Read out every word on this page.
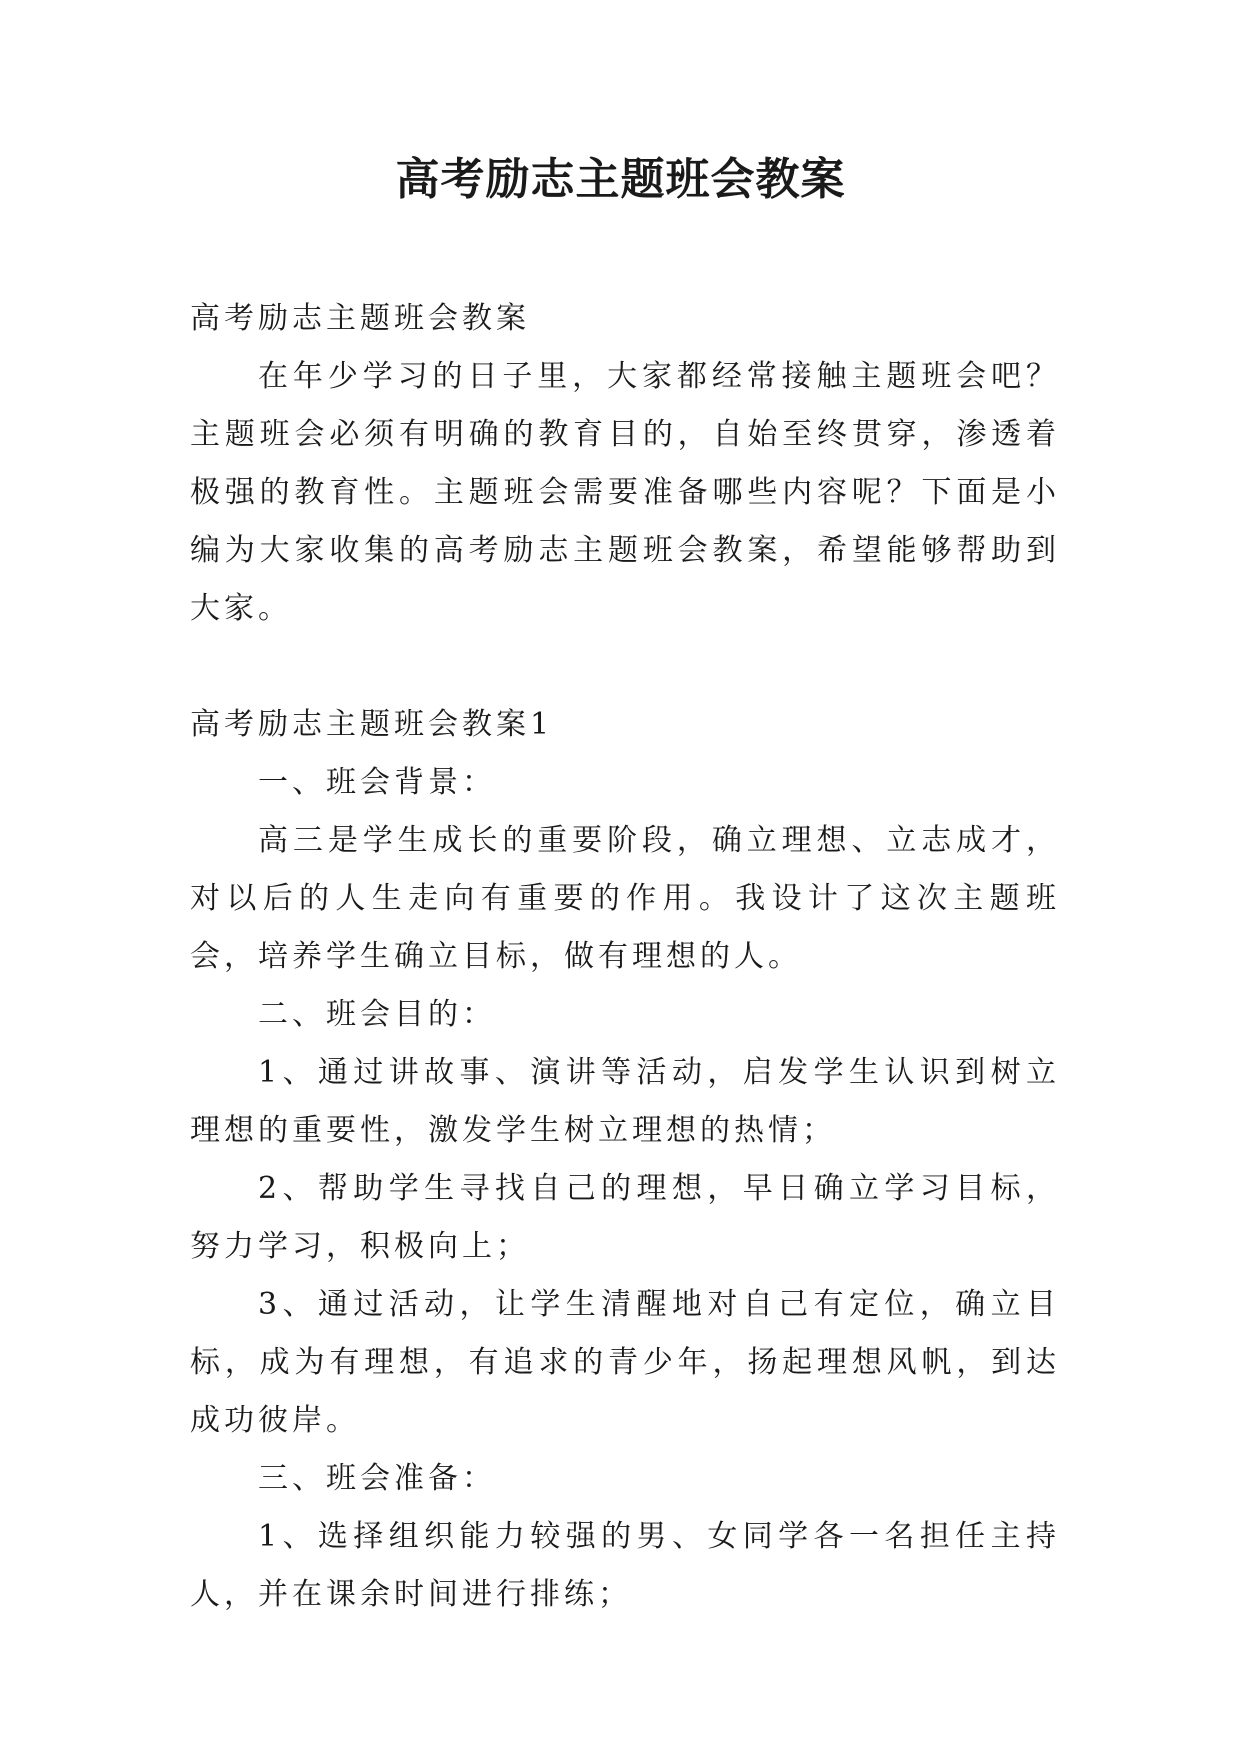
高考励志主题班会教案

高考励志主题班会教案

在年少学习的日子里，大家都经常接触主题班会吧？主题班会必须有明确的教育目的，自始至终贯穿，渗透着极强的教育性。主题班会需要准备哪些内容呢？下面是小编为大家收集的高考励志主题班会教案，希望能够帮助到大家。

高考励志主题班会教案1

一、班会背景：

高三是学生成长的重要阶段，确立理想、立志成才，对以后的人生走向有重要的作用。我设计了这次主题班会，培养学生确立目标，做有理想的人。

二、班会目的：

1、通过讲故事、演讲等活动，启发学生认识到树立理想的重要性，激发学生树立理想的热情；

2、帮助学生寻找自己的理想，早日确立学习目标，努力学习，积极向上；

3、通过活动，让学生清醒地对自己有定位，确立目标，成为有理想，有追求的青少年，扬起理想风帆，到达成功彼岸。

三、班会准备：

1、选择组织能力较强的男、女同学各一名担任主持人，并在课余时间进行排练；
